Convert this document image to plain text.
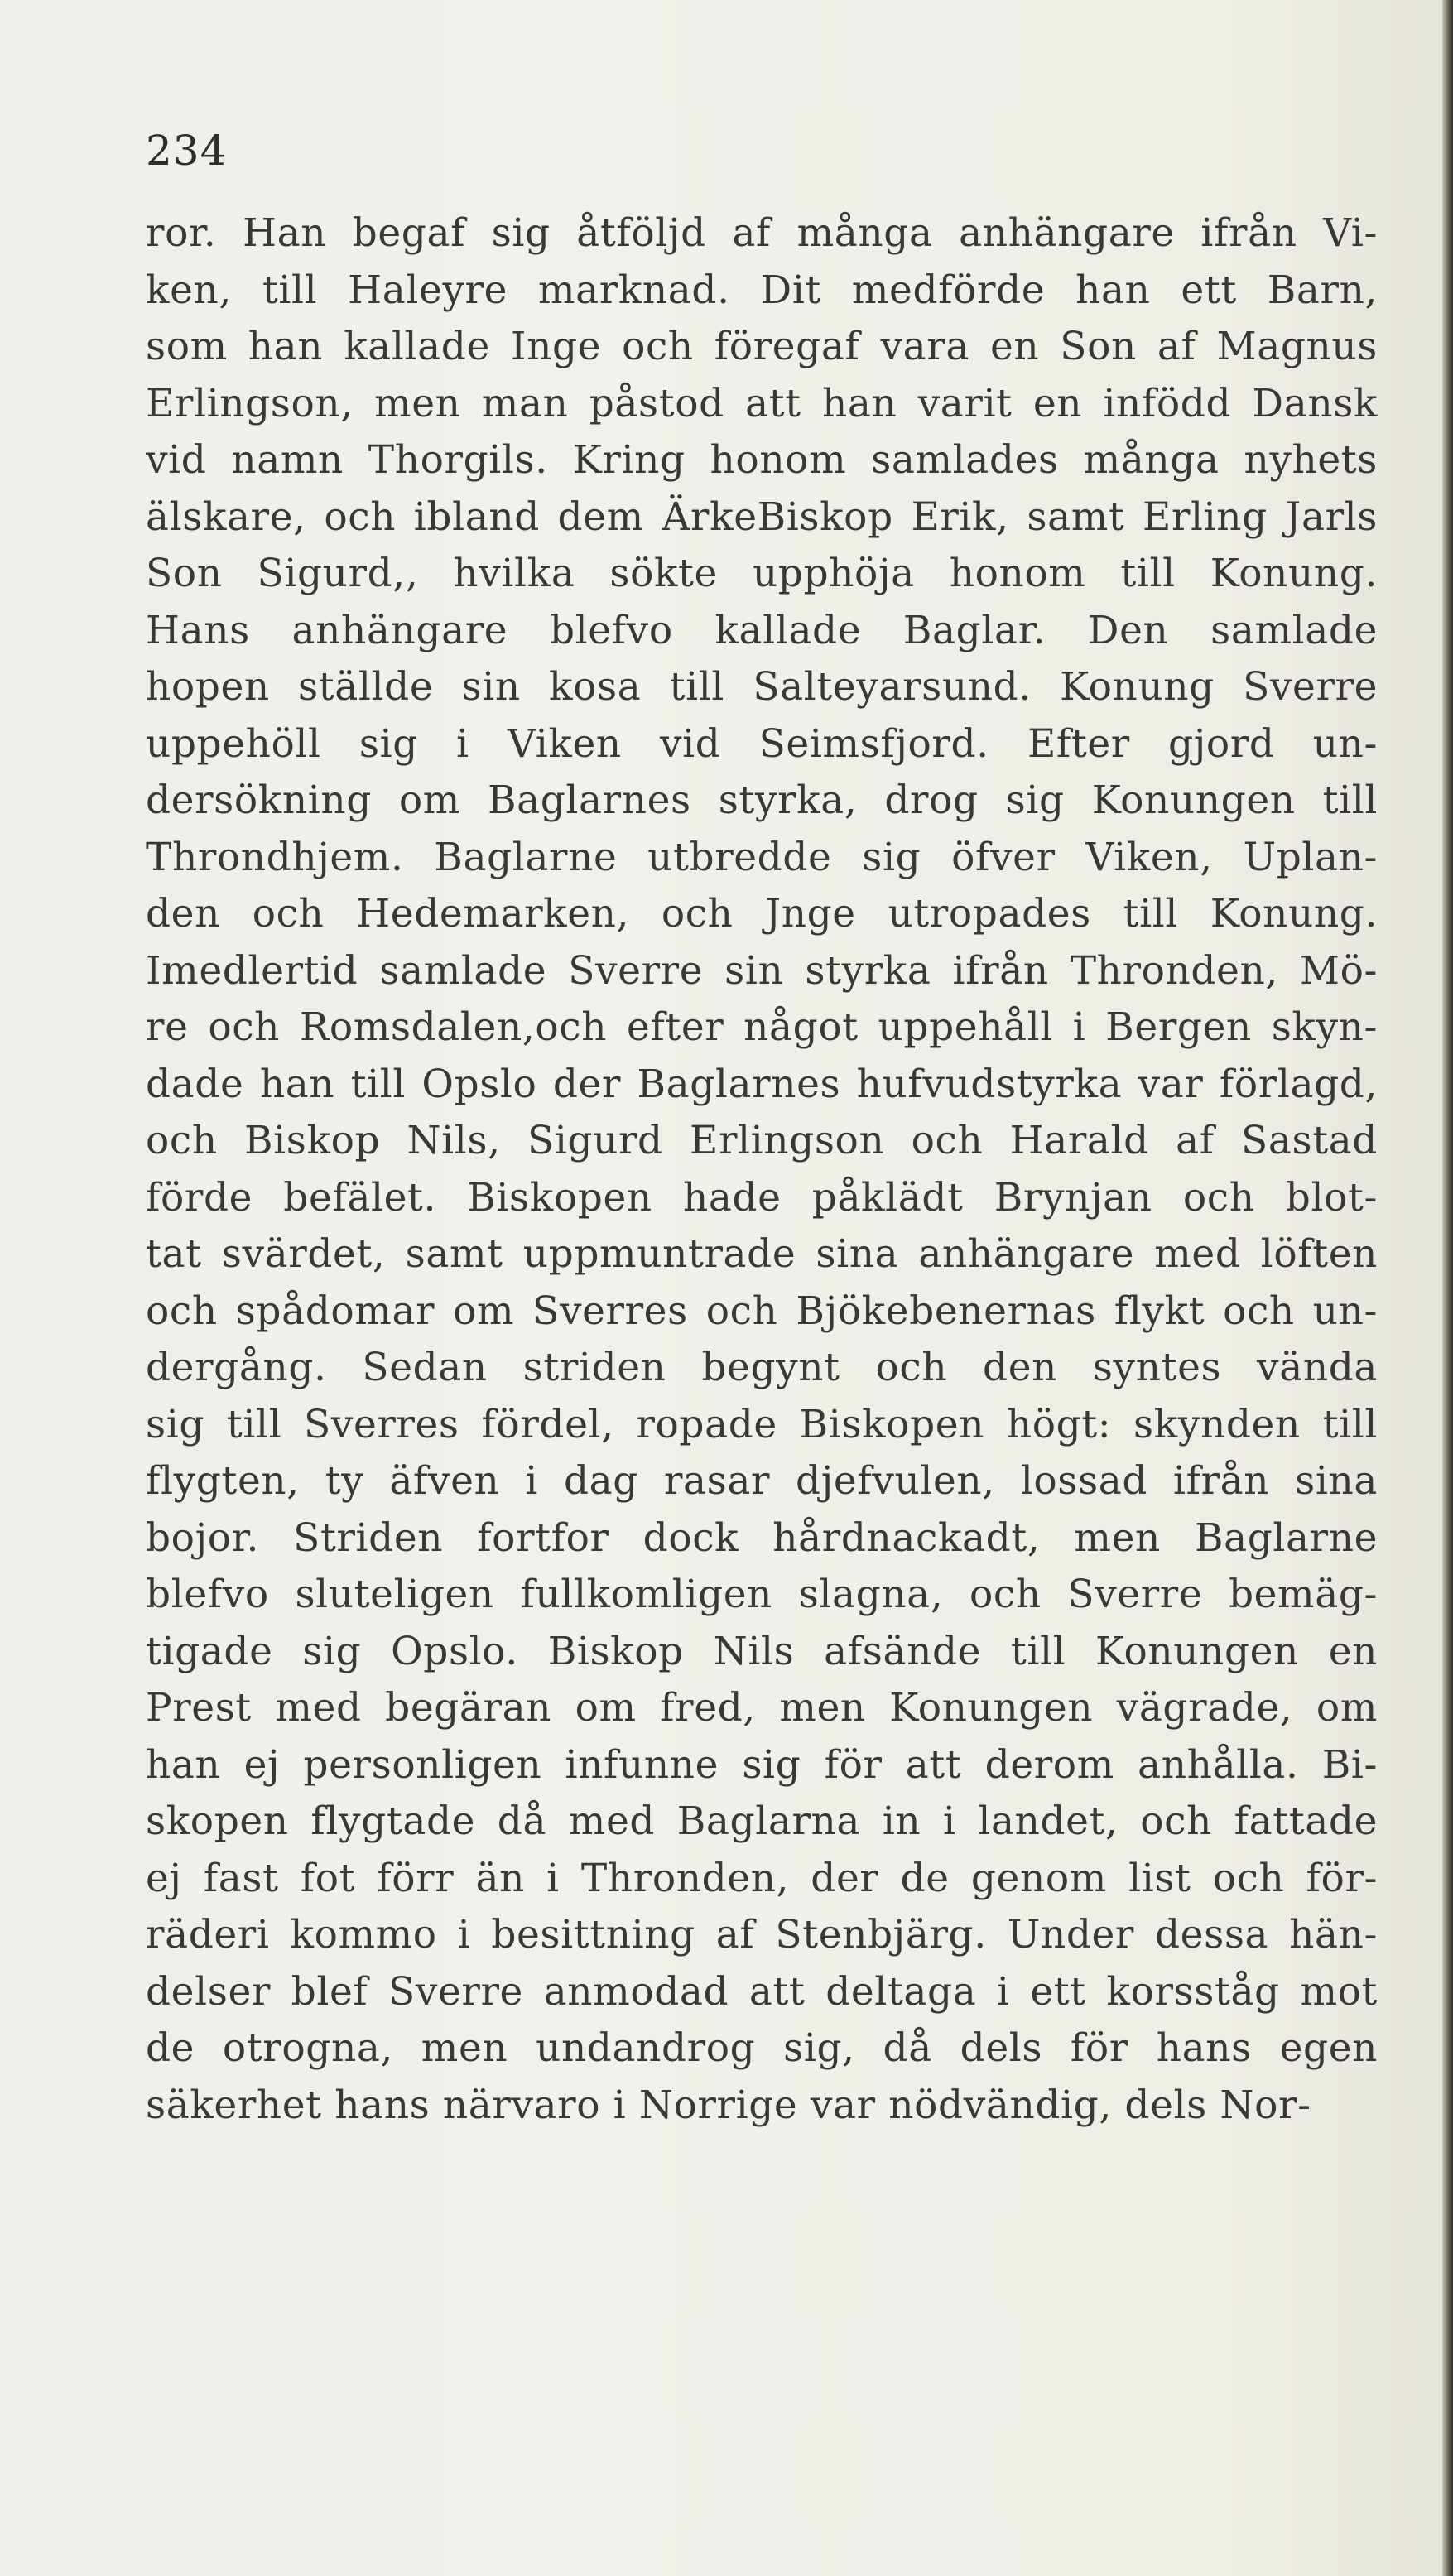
234
ror. Han begaf sig åtföljd af många anhängare ifrån Vi-
ken, till Haleyre marknad. Dit medförde han ett Barn,
som han kallade Inge och föregaf vara en Son af Magnus
Erlingson, men man påstod att han varit en infödd Dansk
vid namn Thorgils. Kring honom samlades många nyhets
älskare, och ibland dem ÄrkeBiskop Erik, samt Erling Jarls
Son Sigurd,, hvilka sökte upphöja honom till Konung.
Hans anhängare blefvo kallade Baglar. Den samlade
hopen ställde sin kosa till Salteyarsund. Konung Sverre
uppehöll sig i Viken vid Seimsfjord. Efter gjord un-
dersökning om Baglarnes styrka, drog sig Konungen till
Throndhjem. Baglarne utbredde sig öfver Viken, Uplan-
den och Hedemarken, och Jnge utropades till Konung.
Imedlertid samlade Sverre sin styrka ifrån Thronden, Mö-
re och Romsdalen,och efter något uppehåll i Bergen skyn-
dade han till Opslo der Baglarnes hufvudstyrka var förlagd,
och Biskop Nils, Sigurd Erlingson och Harald af Sastad
förde befälet. Biskopen hade påklädt Brynjan och blot-
tat svärdet, samt uppmuntrade sina anhängare med löften
och spådomar om Sverres och Bjökebenernas flykt och un-
dergång. Sedan striden begynt och den syntes vända
sig till Sverres fördel, ropade Biskopen högt: skynden till
flygten, ty äfven i dag rasar djefvulen, lossad ifrån sina
bojor. Striden fortfor dock hårdnackadt, men Baglarne
blefvo sluteligen fullkomligen slagna, och Sverre bemäg-
tigade sig Opslo. Biskop Nils afsände till Konungen en
Prest med begäran om fred, men Konungen vägrade, om
han ej personligen infunne sig för att derom anhålla. Bi-
skopen flygtade då med Baglarna in i landet, och fattade
ej fast fot förr än i Thronden, der de genom list och för-
räderi kommo i besittning af Stenbjärg. Under dessa hän-
delser blef Sverre anmodad att deltaga i ett korsståg mot
de otrogna, men undandrog sig, då dels för hans egen
säkerhet hans närvaro i Norrige var nödvändig, dels Nor-
